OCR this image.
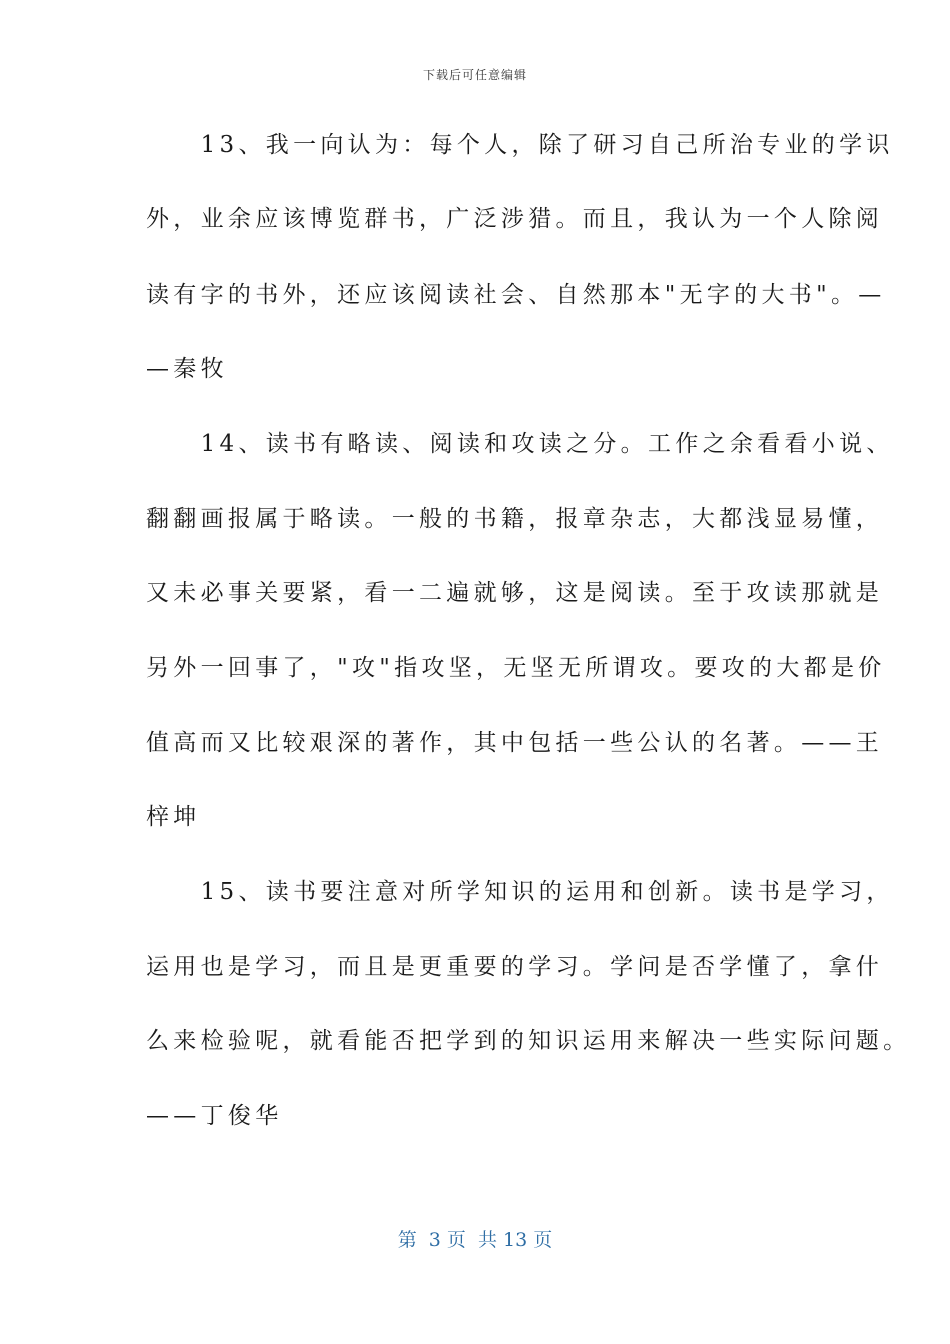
下载后可任意编辑
　　13、我一向认为：每个人，除了研习自己所治专业的学识
外，业余应该博览群书，广泛涉猎。而且，我认为一个人除阅
读有字的书外，还应该阅读社会、自然那本"无字的大书"。—
—秦牧
　　14、读书有略读、阅读和攻读之分。工作之余看看小说、
翻翻画报属于略读。一般的书籍，报章杂志，大都浅显易懂，
又未必事关要紧，看一二遍就够，这是阅读。至于攻读那就是
另外一回事了，"攻"指攻坚，无坚无所谓攻。要攻的大都是价
值高而又比较艰深的著作，其中包括一些公认的名著。——王
梓坤
　　15、读书要注意对所学知识的运用和创新。读书是学习，
运用也是学习，而且是更重要的学习。学问是否学懂了，拿什
么来检验呢，就看能否把学到的知识运用来解决一些实际问题。
——丁俊华
第  3 页  共 13 页
